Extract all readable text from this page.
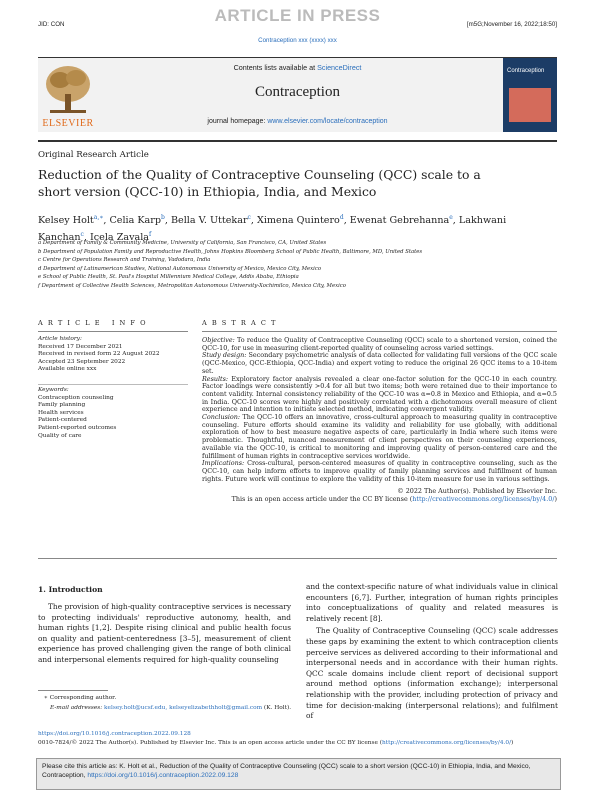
ARTICLE IN PRESS
JID: CON	[m5G;November 16, 2022;18:50]
Contraception xxx (xxxx) xxx
ELSEVIER
Contents lists available at ScienceDirect
Contraception
journal homepage: www.elsevier.com/locate/contraception
Contraception
Original Research Article
Reduction of the Quality of Contraceptive Counseling (QCC) scale to a
short version (QCC-10) in Ethiopia, India, and Mexico
Kelsey Holt$^{a,∗}$, Celia Karp$^b$, Bella V. Uttekar$^c$, Ximena Quintero$^d$, Ewenat Gebrehanna$^e$, Lakhwani Kanchan$^c$, Icela Zavala$^f$
a Department of Family & Community Medicine, University of California, San Francisco, CA, United States
b Department of Population Family and Reproductive Health, Johns Hopkins Bloomberg School of Public Health, Baltimore, MD, United States
c Centre for Operations Research and Training, Vadodara, India
d Department of Latinamerican Studies, National Autonomous University of Mexico, Mexico City, Mexico
e School of Public Health, St. Paul's Hospital Millennium Medical College, Addis Ababa, Ethiopia
f Department of Collective Health Sciences, Metropolitan Autonomous University-Xochimilco, Mexico City, Mexico
A R T I C L E   I N F O
Article history:
Received 17 December 2021
Received in revised form 22 August 2022
Accepted 23 September 2022
Available online xxx
Keywords:
Contraception counseling
Family planning
Health services
Patient-centered
Patient-reported outcomes
Quality of care
A B S T R A C T

Objective: To reduce the Quality of Contraceptive Counseling (QCC) scale to a shortened version, coined the QCC-10, for use in measuring client-reported quality of counseling across varied settings.

Study design: Secondary psychometric analysis of data collected for validating full versions of the QCC scale (QCC-Mexico, QCC-Ethiopia, QCC-India) and expert voting to reduce the original 26 QCC items to a 10-item set.

Results: Exploratory factor analysis revealed a clear one-factor solution for the QCC-10 in each country. Factor loadings were consistently >0.4 for all but two items; both were retained due to their importance to content validity. Internal consistency reliability of the QCC-10 was α=0.8 in Mexico and Ethiopia, and α=0.5 in India. QCC-10 scores were highly and positively correlated with a dichotomous overall measure of client experience and intention to initiate selected method, indicating convergent validity.

Conclusion: The QCC-10 offers an innovative, cross-cultural approach to measuring quality in contraceptive counseling. Future efforts should examine its validity and reliability for use globally, with additional exploration of how to best measure negative aspects of care, particularly in India where such items were problematic. Thoughtful, nuanced measurement of client perspectives on their counseling experiences, available via the QCC-10, is critical to monitoring and improving quality of person-centered care and the fulfillment of human rights in contraceptive services worldwide.

Implications: Cross-cultural, person-centered measures of quality in contraceptive counseling, such as the QCC-10, can help inform efforts to improve quality of family planning services and fulfillment of human rights. Future work will continue to explore the validity of this 10-item measure for use in various settings.

© 2022 The Author(s). Published by Elsevier Inc.

This is an open access article under the CC BY license (http://creativecommons.org/licenses/by/4.0/)

1. Introduction
The provision of high-quality contraceptive services is necessary to protecting individuals' reproductive autonomy, health, and human rights [1,2]. Despite rising clinical and public health focus on quality and patient-centeredness [3–5], measurement of client experience has proved challenging given the range of both clinical and interpersonal elements required for high-quality counseling
and the context-specific nature of what individuals value in clinical encounters [6,7]. Further, integration of human rights principles into conceptualizations of quality and related measures is relatively recent [8].
The Quality of Contraceptive Counseling (QCC) scale addresses these gaps by examining the extent to which contraception clients perceive services as delivered according to their informational and interpersonal needs and in accordance with their human rights. QCC scale domains include client report of decisional support around method options (information exchange); interpersonal relationship with the provider, including protection of privacy and time for decision-making (interpersonal relations); and fulfilment of
∗ Corresponding author.
E-mail addresses: kelsey.holt@ucsf.edu, kelseyelizabethholt@gmail.com (K. Holt).
https://doi.org/10.1016/j.contraception.2022.09.128
0010-7824/© 2022 The Author(s). Published by Elsevier Inc. This is an open access article under the CC BY license (http://creativecommons.org/licenses/by/4.0/)
Please cite this article as: K. Holt et al., Reduction of the Quality of Contraceptive Counseling (QCC) scale to a short version (QCC-10) in Ethiopia, India, and Mexico, Contraception, https://doi.org/10.1016/j.contraception.2022.09.128
